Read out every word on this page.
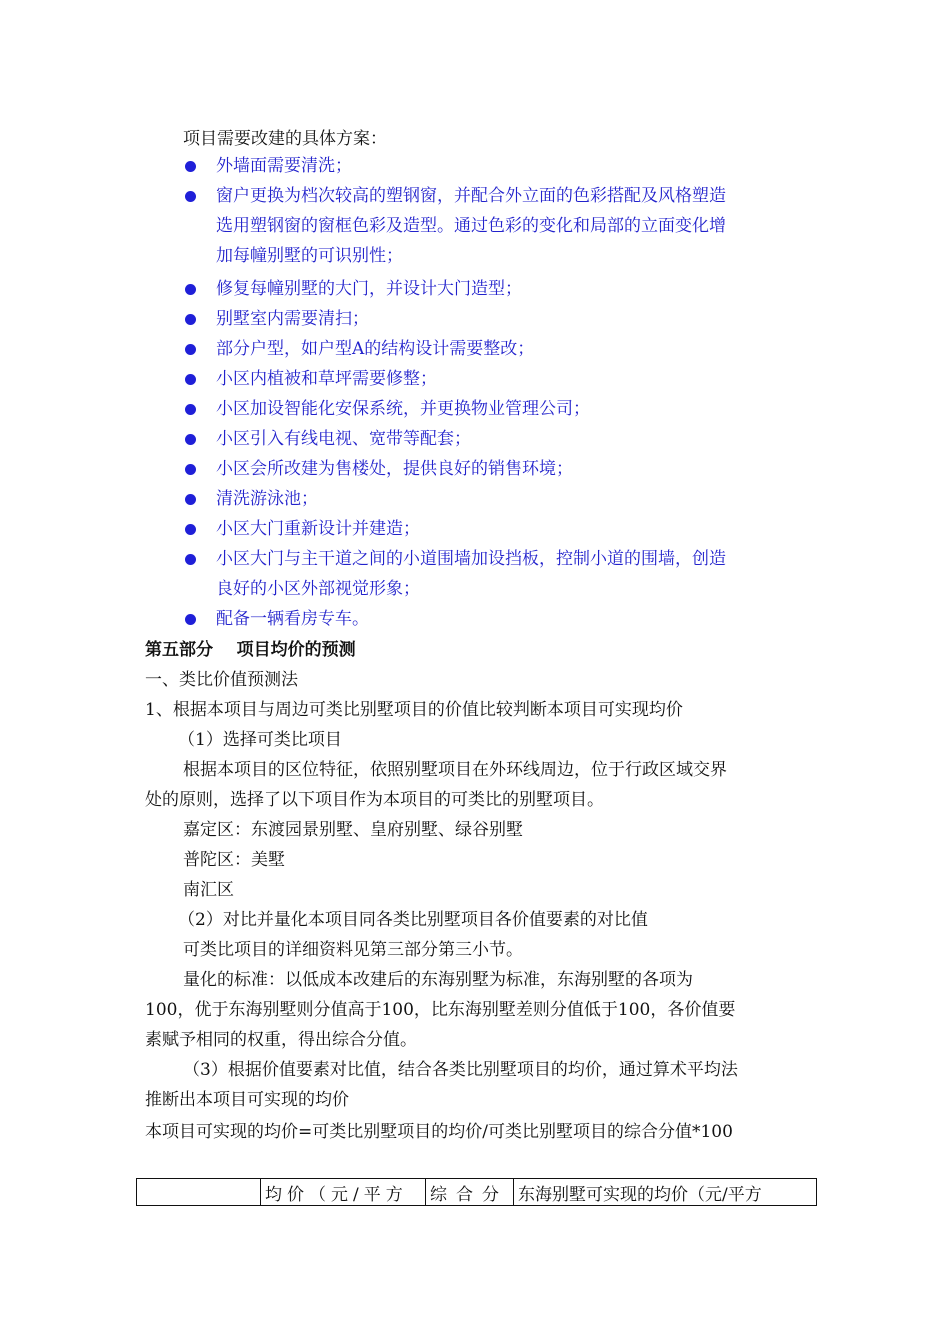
项目需要改建的具体方案：
外墙面需要清洗；
窗户更换为档次较高的塑钢窗，并配合外立面的色彩搭配及风格塑造
选用塑钢窗的窗框色彩及造型。通过色彩的变化和局部的立面变化增
加每幢别墅的可识别性；
修复每幢别墅的大门，并设计大门造型；
别墅室内需要清扫；
部分户型，如户型A的结构设计需要整改；
小区内植被和草坪需要修整；
小区加设智能化安保系统，并更换物业管理公司；
小区引入有线电视、宽带等配套；
小区会所改建为售楼处，提供良好的销售环境；
清洗游泳池；
小区大门重新设计并建造；
小区大门与主干道之间的小道围墙加设挡板，控制小道的围墙，创造
良好的小区外部视觉形象；
配备一辆看房专车。
第五部分    项目均价的预测
一、类比价值预测法
1、根据本项目与周边可类比别墅项目的价值比较判断本项目可实现均价
（1）选择可类比项目
根据本项目的区位特征，依照别墅项目在外环线周边，位于行政区域交界
处的原则，选择了以下项目作为本项目的可类比的别墅项目。
嘉定区：东渡园景别墅、皇府别墅、绿谷别墅
普陀区：美墅
南汇区
（2）对比并量化本项目同各类比别墅项目各价值要素的对比值
可类比项目的详细资料见第三部分第三小节。
量化的标准：以低成本改建后的东海别墅为标准，东海别墅的各项为
100，优于东海别墅则分值高于100，比东海别墅差则分值低于100，各价值要
素赋予相同的权重，得出综合分值。
（3）根据价值要素对比值，结合各类比别墅项目的均价，通过算术平均法
推断出本项目可实现的均价
本项目可实现的均价=可类比别墅项目的均价/可类比别墅项目的综合分值*100
	均价（元/平方	综合分	东海别墅可实现的均价（元/平方
